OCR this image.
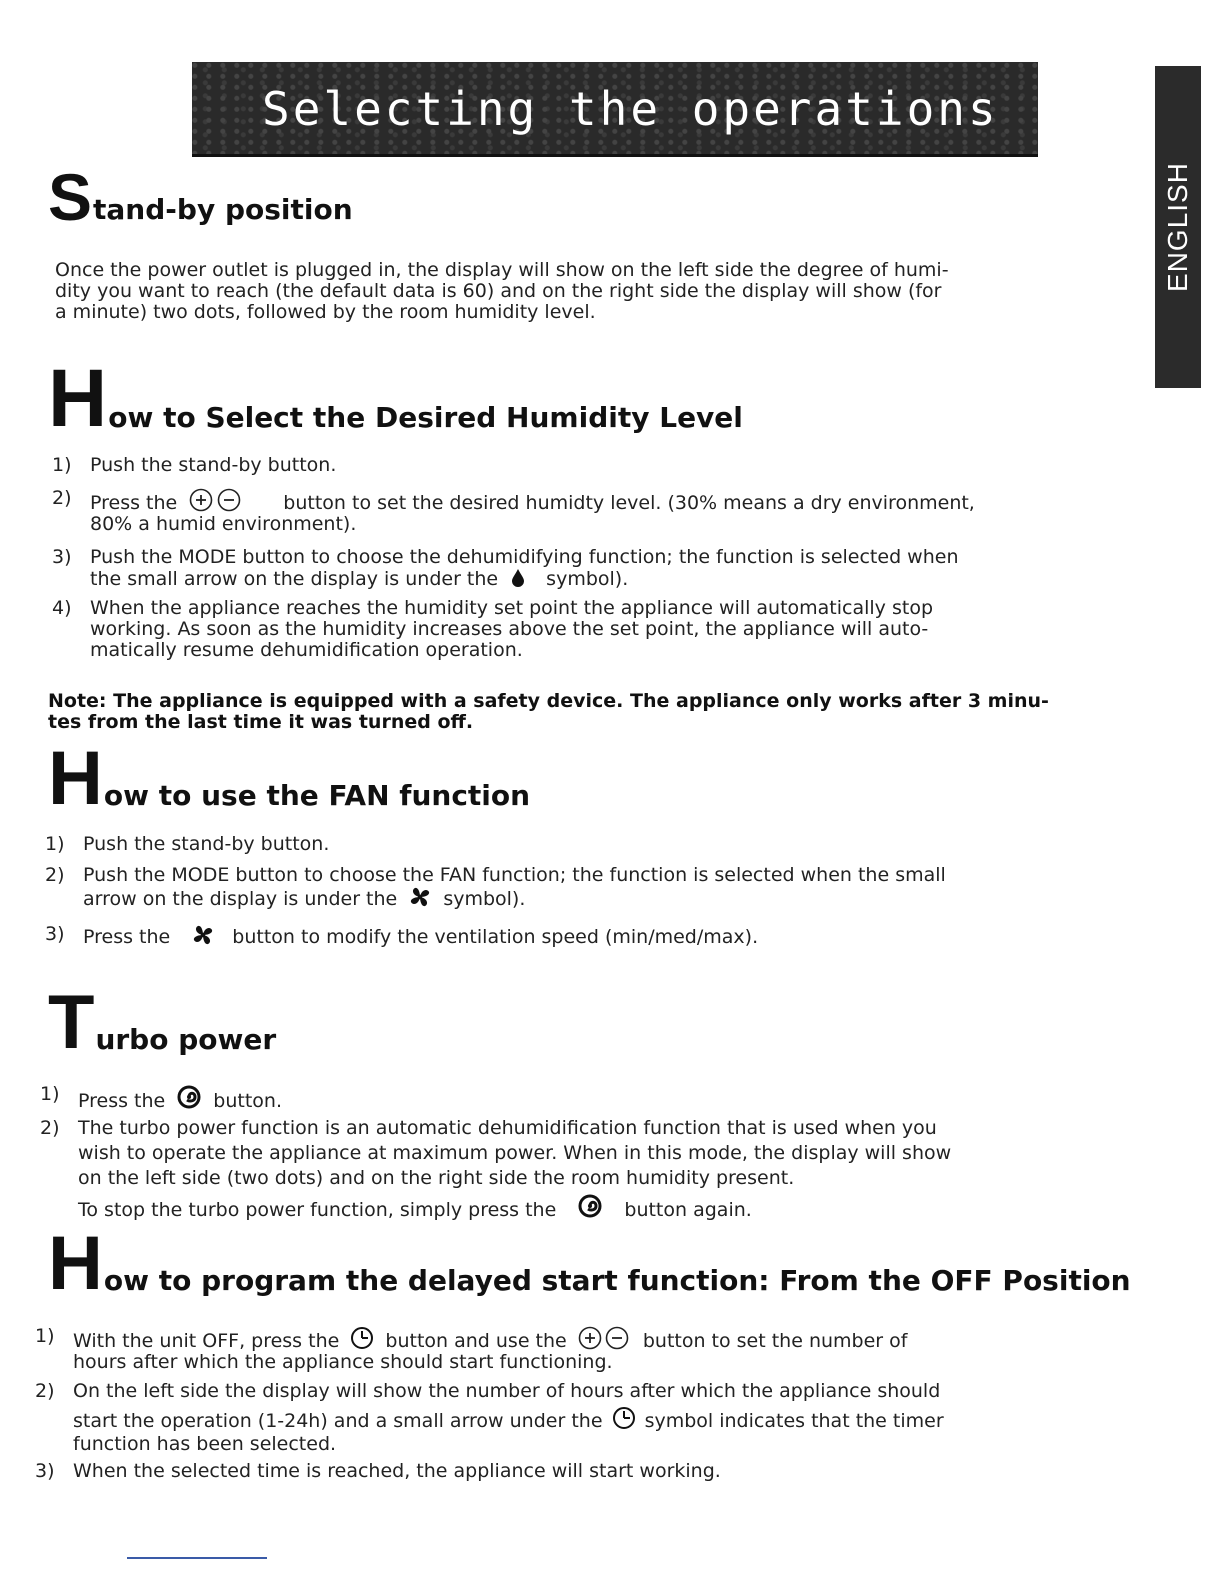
Selecting the operations
ENGLISH
S tand-by position
Once the power outlet is plugged in, the display will show on the left side the degree of humi-
dity you want to reach (the default data is 60) and on the right side the display will show (for
a minute) two dots, followed by the room humidity level.
H ow to Select the Desired Humidity Level
1) Push the stand-by button.
2) Press the	button to set the desired humidty level. (30% means a dry environment,
80% a humid environment).
3) Push the MODE button to choose the dehumidifying function; the function is selected when
the small arrow on the display is under the
symbol).
4) When the appliance reaches the humidity set point the appliance will automatically stop
working. As soon as the humidity increases above the set point, the appliance will auto-
matically resume dehumidification operation.
Note: The appliance is equipped with a safety device. The appliance only works after 3 minu-
tes from the last time it was turned off.
H ow to use the FAN function
1) Push the stand-by button.
2) Push the MODE button to choose the FAN function; the function is selected when the small
arrow on the display is under the
symbol).
3) Press the	button to modify the ventilation speed (min/med/max).
T urbo power
1) Press the
button.
2) The turbo power function is an automatic dehumidification function that is used when you
wish to operate the appliance at maximum power. When in this mode, the display will show
on the left side (two dots) and on the right side the room humidity present.
To stop the turbo power function, simply press the	button again.
H ow to program the delayed start function: From the OFF Position
1) With the unit OFF, press the
button and use the	button to set the number of
hours after which the appliance should start functioning.
2) On the left side the display will show the number of hours after which the appliance should
start the operation (1-24h) and a small arrow under the
symbol indicates that the timer
function has been selected.
3) When the selected time is reached, the appliance will start working.
